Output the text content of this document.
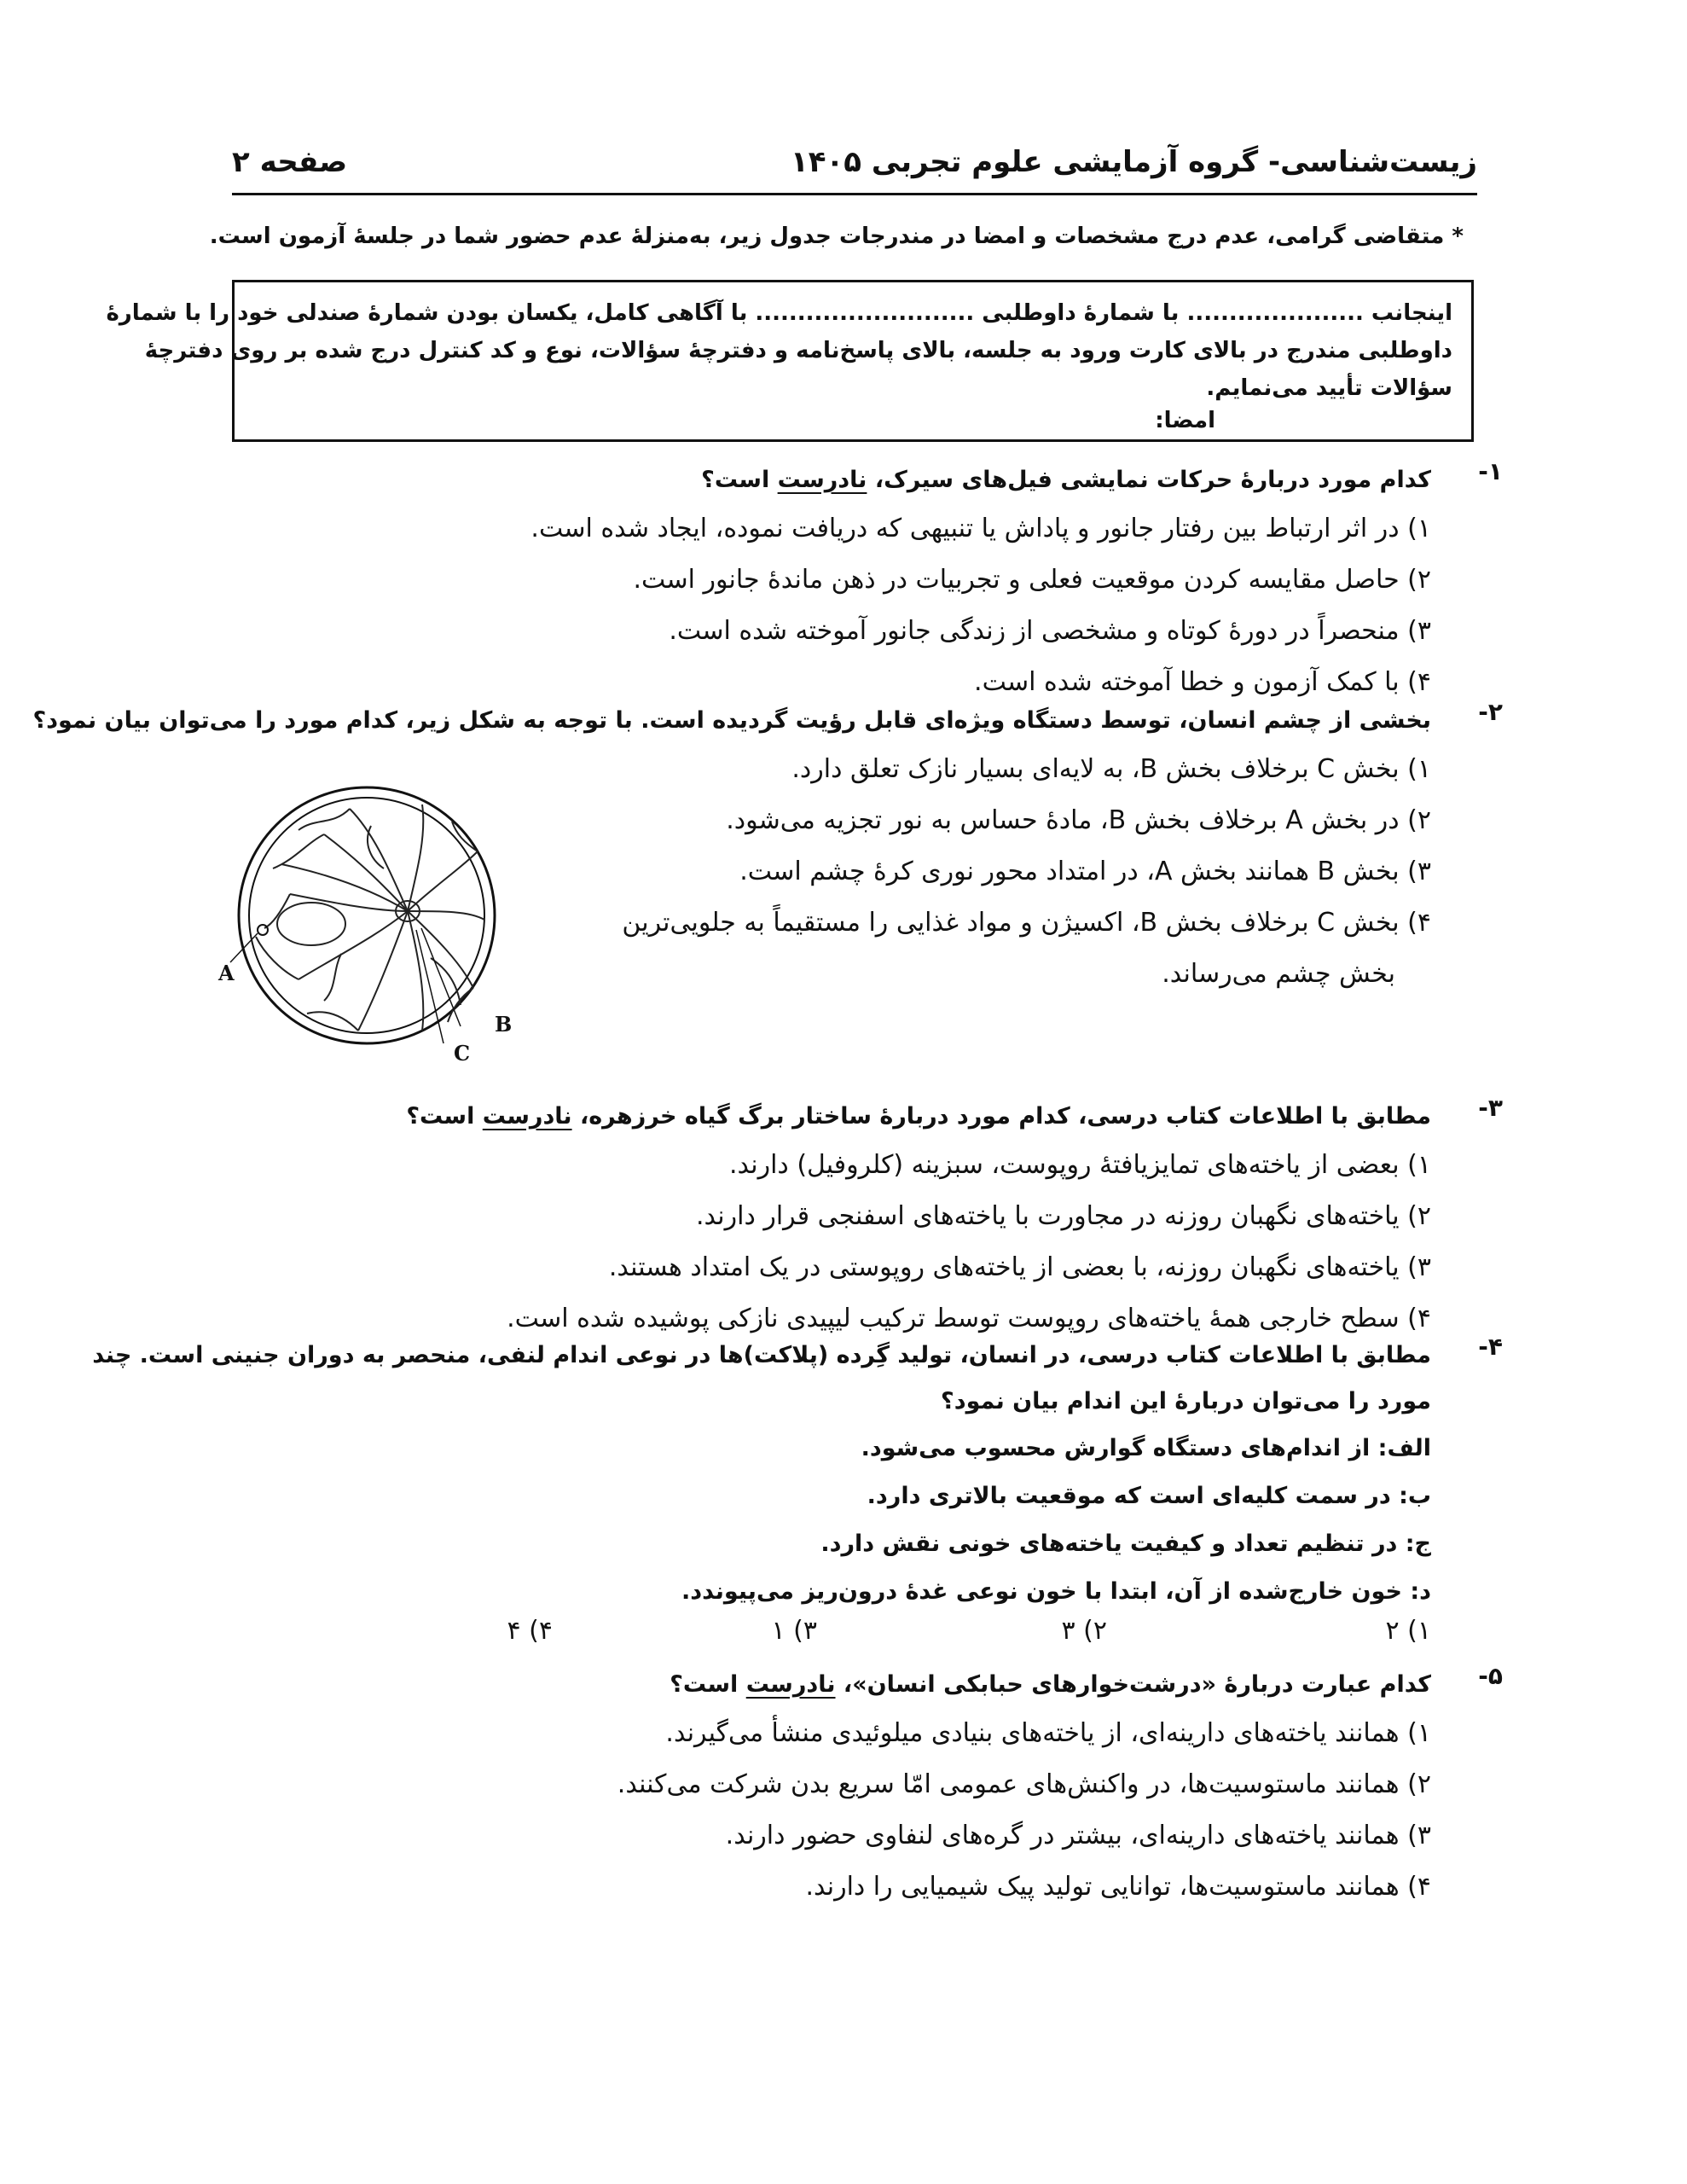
زیست‌شناسی- گروه آزمایشی علوم تجربی ۱۴۰۵
صفحه ۲
* متقاضی گرامی، عدم درج مشخصات و امضا در مندرجات جدول زیر، به‌منزلهٔ عدم حضور شما در جلسهٔ آزمون است.
اینجانب ..................... با شمارهٔ داوطلبی .......................... با آگاهی کامل، یکسان بودن شمارهٔ صندلی خود را با شمارهٔ
داوطلبی مندرج در بالای کارت ورود به جلسه، بالای پاسخ‌نامه و دفترچهٔ سؤالات، نوع و کد کنترل درج شده بر روی دفترچهٔ
سؤالات تأیید می‌نمایم.
امضا:
-۱
کدام مورد دربارهٔ حرکات نمایشی فیل‌های سیرک، نادرست است؟
۱) در اثر ارتباط بین رفتار جانور و پاداش یا تنبیهی که دریافت نموده، ایجاد شده است.
۲) حاصل مقایسه کردن موقعیت فعلی و تجربیات در ذهن ماندهٔ جانور است.
۳) منحصراً در دورهٔ کوتاه و مشخصی از زندگی جانور آموخته شده است.
۴) با کمک آزمون و خطا آموخته شده است.
-۲
بخشی از چشم انسان، توسط دستگاه ویژه‌ای قابل رؤیت گردیده است. با توجه به شکل زیر، کدام مورد را می‌توان بیان نمود؟
۱) بخش C برخلاف بخش B، به لایه‌ای بسیار نازک تعلق دارد.
۲) در بخش A برخلاف بخش B، مادهٔ حساس به نور تجزیه می‌شود.
۳) بخش B همانند بخش A، در امتداد محور نوری کرهٔ چشم است.
۴) بخش C برخلاف بخش B، اکسیژن و مواد غذایی را مستقیماً به جلویی‌ترین
بخش چشم می‌رساند.
A
B
C
-۳
مطابق با اطلاعات کتاب درسی، کدام مورد دربارهٔ ساختار برگ گیاه خرزهره، نادرست است؟
۱) بعضی از یاخته‌های تمایزیافتهٔ روپوست، سبزینه (کلروفیل) دارند.
۲) یاخته‌های نگهبان روزنه در مجاورت با یاخته‌های اسفنجی قرار دارند.
۳) یاخته‌های نگهبان روزنه، با بعضی از یاخته‌های روپوستی در یک امتداد هستند.
۴) سطح خارجی همهٔ یاخته‌های روپوست توسط ترکیب لیپیدی نازکی پوشیده شده است.
-۴
مطابق با اطلاعات کتاب درسی، در انسان، تولید گِرده (پلاکت)ها در نوعی اندام لنفی، منحصر به دوران جنینی است. چند
مورد را می‌توان دربارهٔ این اندام بیان نمود؟
الف: از اندام‌های دستگاه گوارش محسوب می‌شود.
ب: در سمت کلیه‌ای است که موقعیت بالاتری دارد.
ج: در تنظیم تعداد و کیفیت یاخته‌های خونی نقش دارد.
د: خون خارج‌شده از آن، ابتدا با خون نوعی غدهٔ درون‌ریز می‌پیوندد.
۱) ۲
۲) ۳
۳) ۱
۴) ۴
-۵
کدام عبارت دربارهٔ «درشت‌خوارهای حبابکی انسان»، نادرست است؟
۱) همانند یاخته‌های دارینه‌ای، از یاخته‌های بنیادی میلوئیدی منشأ می‌گیرند.
۲) همانند ماستوسیت‌ها، در واکنش‌های عمومی امّا سریع بدن شرکت می‌کنند.
۳) همانند یاخته‌های دارینه‌ای، بیشتر در گره‌های لنفاوی حضور دارند.
۴) همانند ماستوسیت‌ها، توانایی تولید پیک شیمیایی را دارند.
